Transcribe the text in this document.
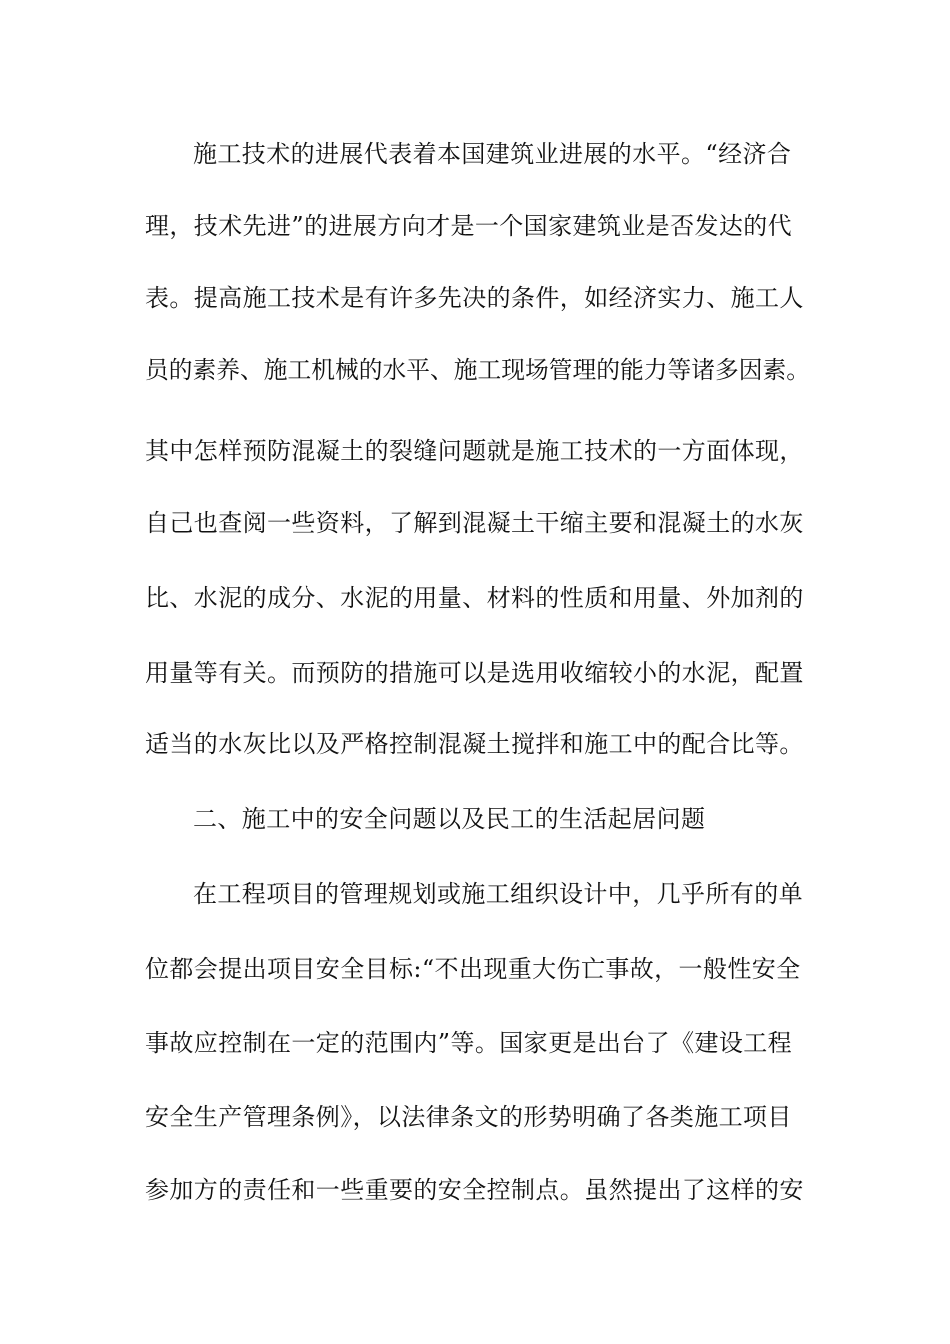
施工技术的进展代表着本国建筑业进展的水平。“经济合
理，技术先进”的进展方向才是一个国家建筑业是否发达的代
表。提高施工技术是有许多先决的条件，如经济实力、施工人
员的素养、施工机械的水平、施工现场管理的能力等诸多因素。
其中怎样预防混凝土的裂缝问题就是施工技术的一方面体现，
自己也查阅一些资料，了解到混凝土干缩主要和混凝土的水灰
比、水泥的成分、水泥的用量、材料的性质和用量、外加剂的
用量等有关。而预防的措施可以是选用收缩较小的水泥，配置
适当的水灰比以及严格控制混凝土搅拌和施工中的配合比等。
二、施工中的安全问题以及民工的生活起居问题
在工程项目的管理规划或施工组织设计中，几乎所有的单
位都会提出项目安全目标:“不出现重大伤亡事故，一般性安全
事故应控制在一定的范围内”等。国家更是出台了《建设工程
安全生产管理条例》，以法律条文的形势明确了各类施工项目
参加方的责任和一些重要的安全控制点。虽然提出了这样的安
